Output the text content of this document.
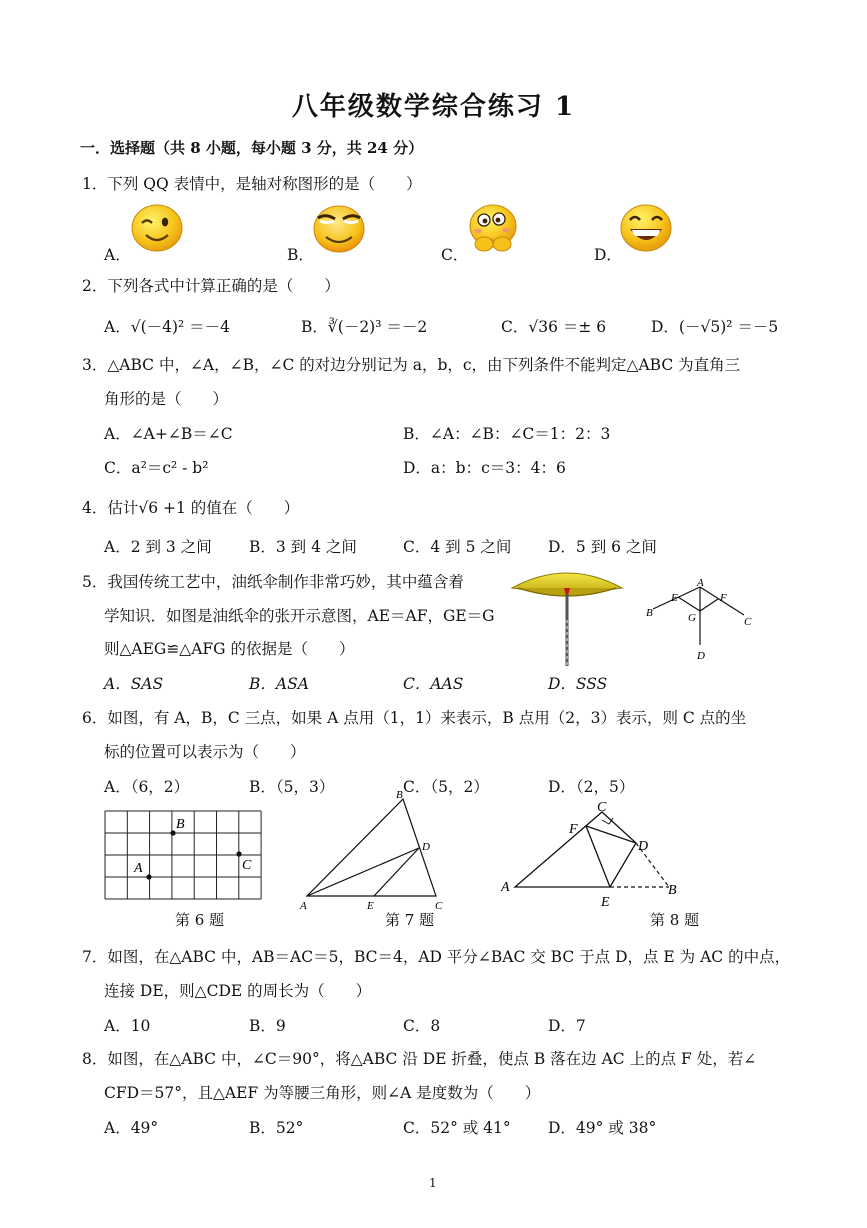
八年级数学综合练习 1
一．选择题（共 8 小题，每小题 3 分，共 24 分）
1．下列 QQ 表情中，是轴对称图形的是（　　）
A．	B．	C．	D．
2．下列各式中计算正确的是（　　）
A．√(－4)² ＝－4	B．∛(－2)³ ＝－2	C．√36 ＝± 6	D．(－√5)² ＝－5
3．△ABC 中，∠A，∠B，∠C 的对边分别记为 a，b，c，由下列条件不能判定△ABC 为直角三
角形的是（　　）
A．∠A+∠B＝∠C	B．∠A：∠B：∠C＝1：2：3
C．a²＝c² - b²	D．a：b：c＝3：4：6
4．估计√6 +1 的值在（　　）
A．2 到 3 之间 B．3 到 4 之间	C．4 到 5 之间 D．5 到 6 之间
5．我国传统工艺中，油纸伞制作非常巧妙，其中蕴含着
学知识．如图是油纸伞的张开示意图，AE＝AF，GE＝G
则△AEG≌△AFG 的依据是（　　）
A．SAS	B．ASA	C．AAS	D．SSS
A
E	F
B	G	C
D
6．如图，有 A，B，C 三点，如果 A 点用（1，1）来表示，B 点用（2，3）表示，则 C 点的坐
标的位置可以表示为（　　）
A．（6，2）	B．（5，3）	C．（5，2）	D．（2，5）
B
A	C
第 6 题
B
D
A	E	C
第 7 题
C
F
D
A	B
E
第 8 题
7．如图，在△ABC 中，AB＝AC＝5，BC＝4，AD 平分∠BAC 交 BC 于点 D，点 E 为 AC 的中点，
连接 DE，则△CDE 的周长为（　　）
A．10	B．9	C．8	D．7
8．如图，在△ABC 中，∠C＝90°，将△ABC 沿 DE 折叠，使点 B 落在边 AC 上的点 F 处，若∠
CFD＝57°，且△AEF 为等腰三角形，则∠A 是度数为（　　）
A．49°	B．52°	C．52° 或 41° D．49° 或 38°
1
